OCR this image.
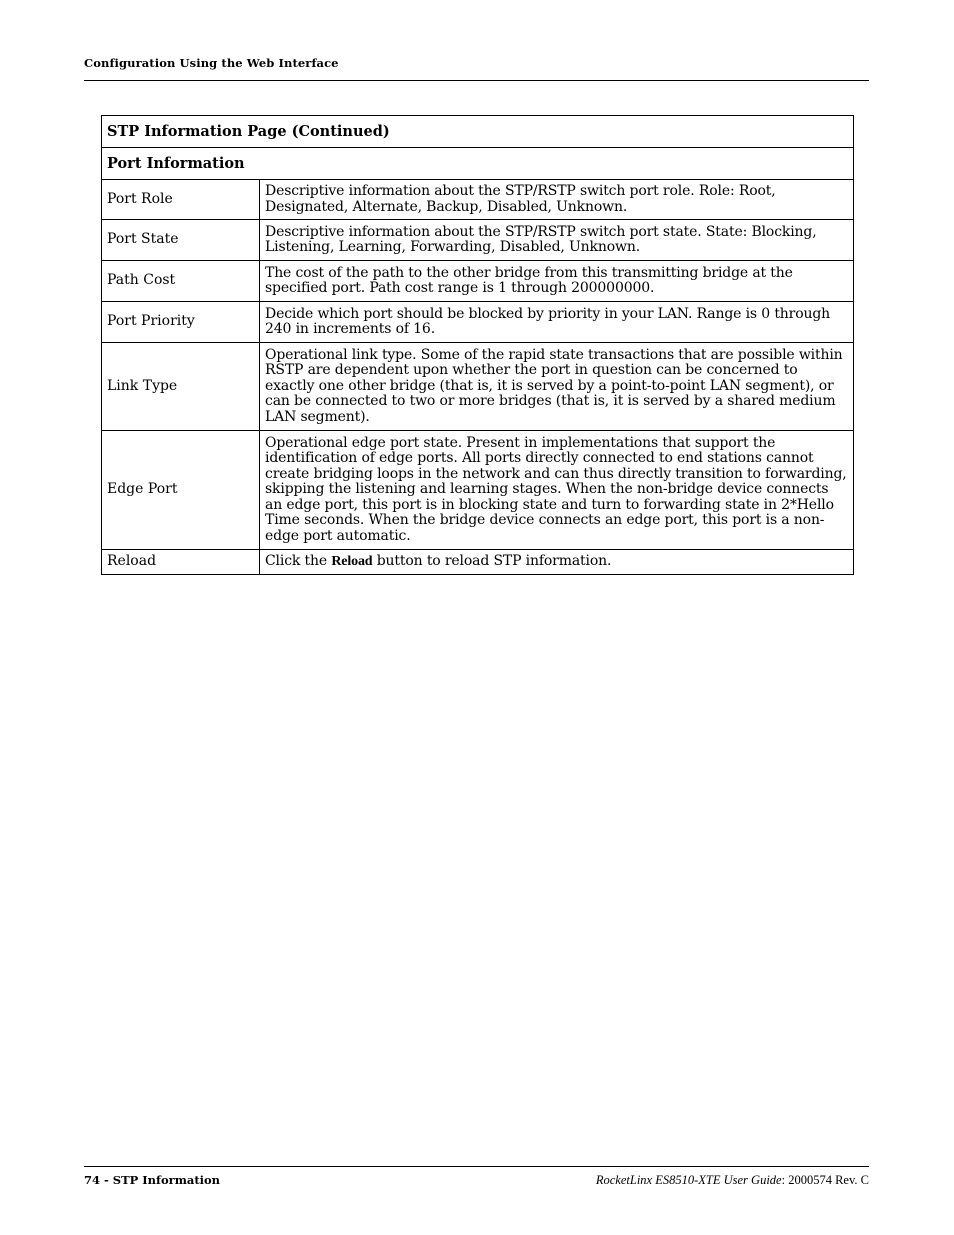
Configuration Using the Web Interface
STP Information Page (Continued)	
Port Information	
Port Role	Descriptive information about the STP/RSTP switch port role. Role: Root, Designated, Alternate, Backup, Disabled, Unknown.
Port State	Descriptive information about the STP/RSTP switch port state. State: Blocking, Listening, Learning, Forwarding, Disabled, Unknown.
Path Cost	The cost of the path to the other bridge from this transmitting bridge at the specified port. Path cost range is 1 through 200000000.
Port Priority	Decide which port should be blocked by priority in your LAN. Range is 0 through 240 in increments of 16.
Link Type	Operational link type. Some of the rapid state transactions that are possible within RSTP are dependent upon whether the port in question can be concerned to exactly one other bridge (that is, it is served by a point-to-point LAN segment), or can be connected to two or more bridges (that is, it is served by a shared medium LAN segment).
Edge Port	Operational edge port state. Present in implementations that support the identification of edge ports. All ports directly connected to end stations cannot create bridging loops in the network and can thus directly transition to forwarding, skipping the listening and learning stages. When the non-bridge device connects an edge port, this port is in blocking state and turn to forwarding state in 2*Hello Time seconds. When the bridge device connects an edge port, this port is a non-edge port automatic.
Reload	Click the Reload button to reload STP information.
74 - STP Information	RocketLinx ES8510-XTE User Guide: 2000574 Rev. C
